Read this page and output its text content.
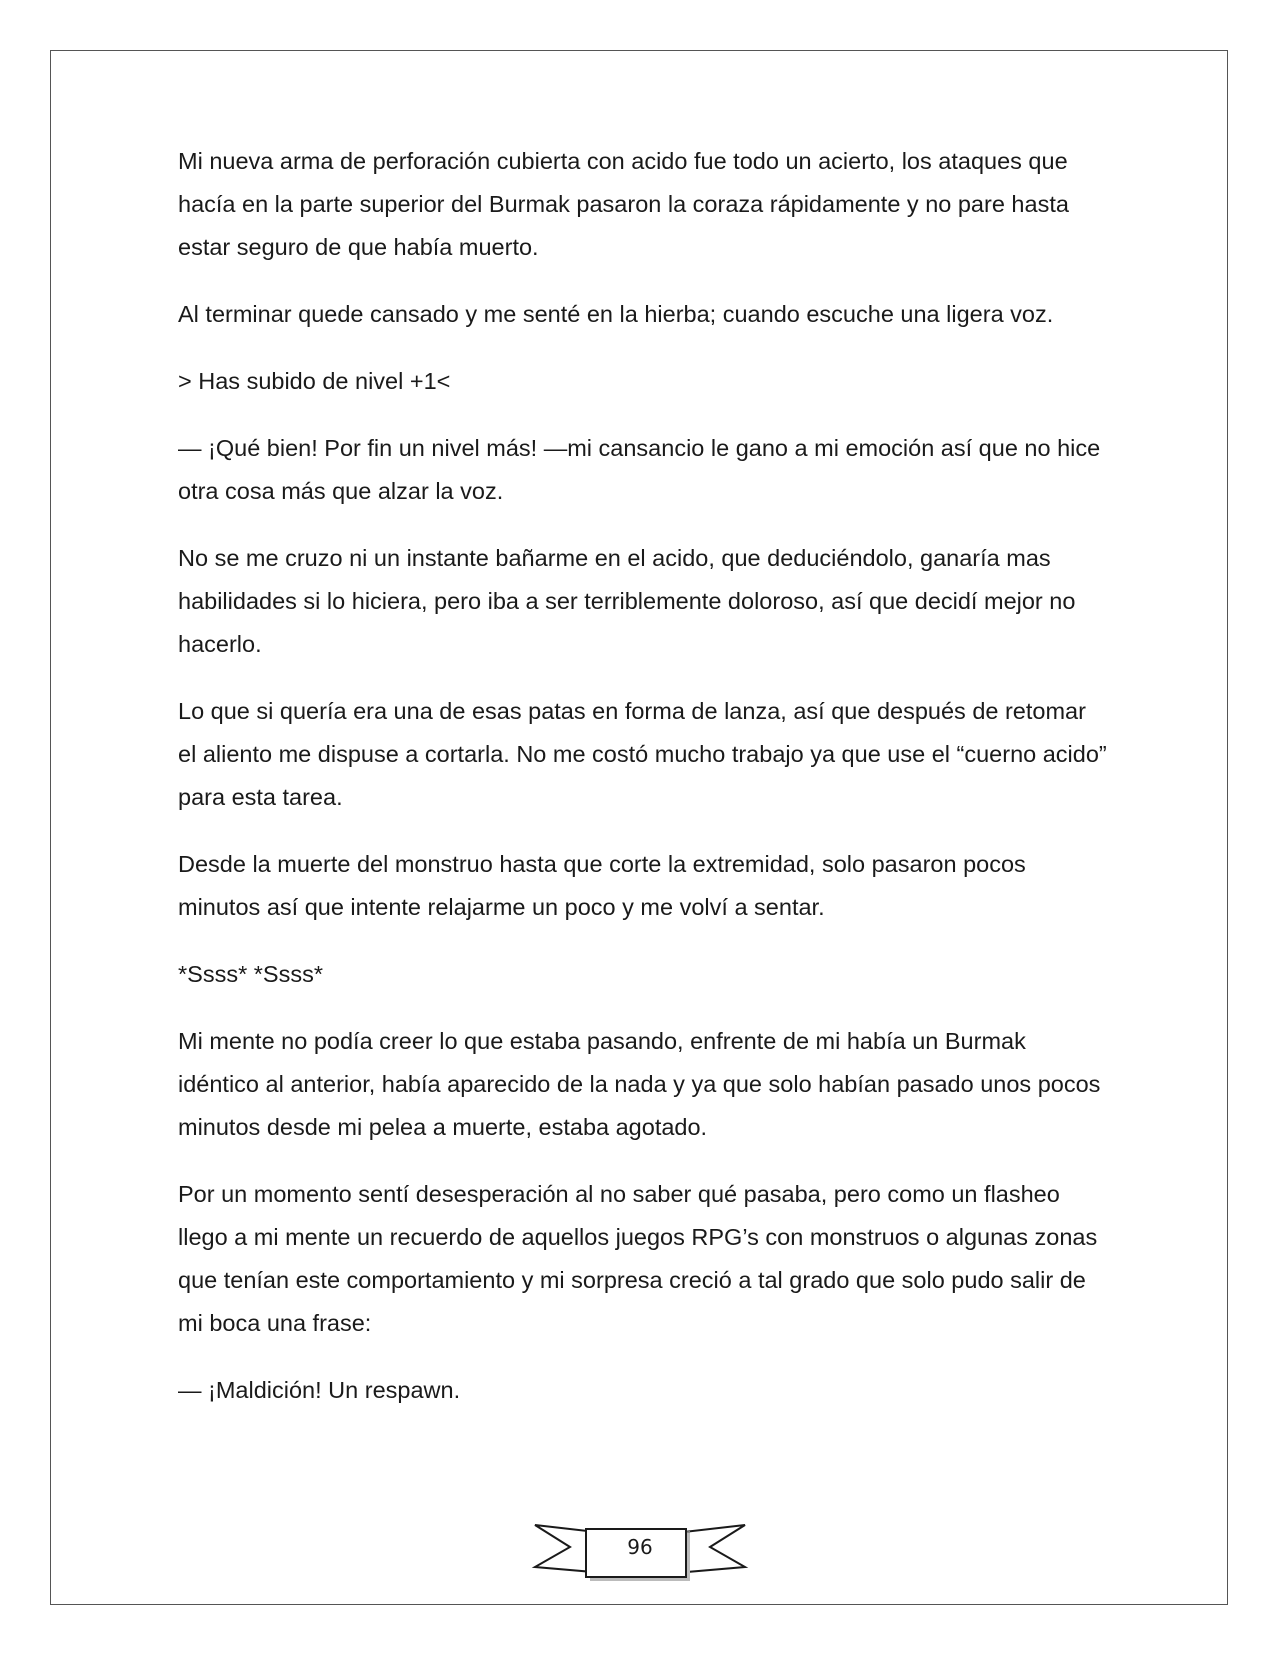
Mi nueva arma de perforación cubierta con acido fue todo un acierto, los ataques que hacía en la parte superior del Burmak pasaron la coraza rápidamente y no pare hasta estar seguro de que había muerto.

Al terminar quede cansado y me senté en la hierba; cuando escuche una ligera voz.

> Has subido de nivel +1<

— ¡Qué bien! Por fin un nivel más! —mi cansancio le gano a mi emoción así que no hice otra cosa más que alzar la voz.

No se me cruzo ni un instante bañarme en el acido, que deduciéndolo, ganaría mas habilidades si lo hiciera, pero iba a ser terriblemente doloroso, así que decidí mejor no hacerlo.

Lo que si quería era una de esas patas en forma de lanza, así que después de retomar el aliento me dispuse a cortarla. No me costó mucho trabajo ya que use el “cuerno acido” para esta tarea.

Desde la muerte del monstruo hasta que corte la extremidad, solo pasaron pocos minutos así que intente relajarme un poco y me volví a sentar.

*Ssss* *Ssss*

Mi mente no podía creer lo que estaba pasando, enfrente de mi había un Burmak idéntico al anterior, había aparecido de la nada y ya que solo habían pasado unos pocos minutos desde mi pelea a muerte, estaba agotado.

Por un momento sentí desesperación al no saber qué pasaba, pero como un flasheo llego a mi mente un recuerdo de aquellos juegos RPG’s con monstruos o algunas zonas que tenían este comportamiento y mi sorpresa creció a tal grado que solo pudo salir de mi boca una frase:

— ¡Maldición! Un respawn.

96
